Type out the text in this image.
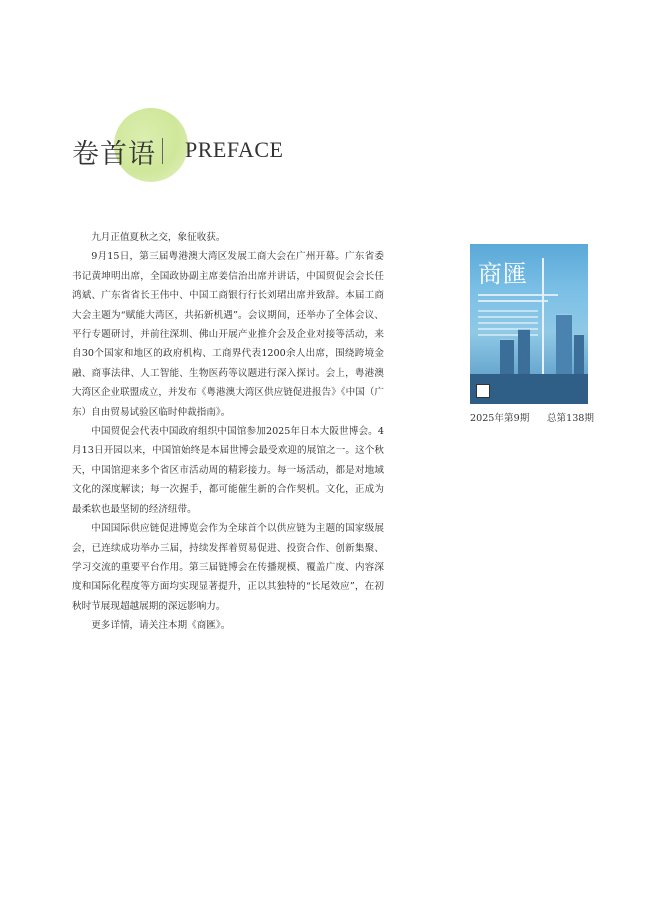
卷首语 PREFACE

九月正值夏秋之交，象征收获。

9月15日，第三届粤港澳大湾区发展工商大会在广州开幕。广东省委书记黄坤明出席，全国政协副主席姜信治出席并讲话，中国贸促会会长任鸿斌、广东省省长王伟中、中国工商银行行长刘珺出席并致辞。本届工商大会主题为“赋能大湾区，共拓新机遇”。会议期间，还举办了全体会议、平行专题研讨，并前往深圳、佛山开展产业推介会及企业对接等活动，来自30个国家和地区的政府机构、工商界代表1200余人出席，围绕跨境金融、商事法律、人工智能、生物医药等议题进行深入探讨。会上，粤港澳大湾区企业联盟成立，并发布《粤港澳大湾区供应链促进报告》《中国（广东）自由贸易试验区临时仲裁指南》。

中国贸促会代表中国政府组织中国馆参加2025年日本大阪世博会。4月13日开园以来，中国馆始终是本届世博会最受欢迎的展馆之一。这个秋天，中国馆迎来多个省区市活动周的精彩接力。每一场活动，都是对地域文化的深度解读；每一次握手，都可能催生新的合作契机。文化，正成为最柔软也最坚韧的经济纽带。

中国国际供应链促进博览会作为全球首个以供应链为主题的国家级展会，已连续成功举办三届，持续发挥着贸易促进、投资合作、创新集聚、学习交流的重要平台作用。第三届链博会在传播规模、覆盖广度、内容深度和国际化程度等方面均实现显著提升，正以其独特的“长尾效应”，在初秋时节展现超越展期的深远影响力。

更多详情，请关注本期《商匯》。

商匯
2025年第9期 总第138期
